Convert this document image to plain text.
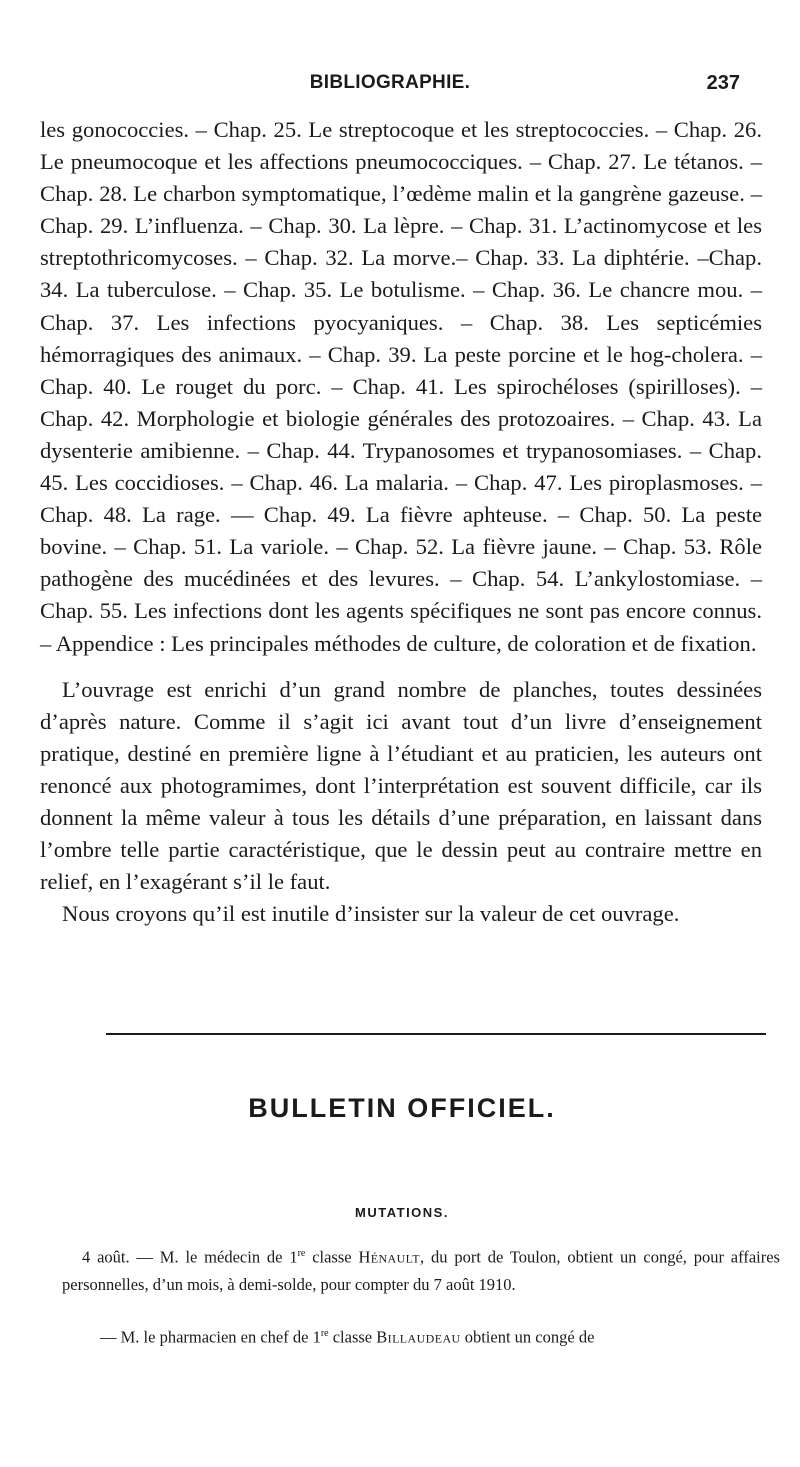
BIBLIOGRAPHIE.	237

les gonococcies. – Chap. 25. Le streptocoque et les streptococcies. – Chap. 26. Le pneumocoque et les affections pneumococciques. – Chap. 27. Le tétanos. – Chap. 28. Le charbon symptomatique, l’œdème malin et la gangrène gazeuse. – Chap. 29. L’influenza. – Chap. 30. La lèpre. – Chap. 31. L’actinomycose et les streptothricomycoses. – Chap. 32. La morve.– Chap. 33. La diphtérie. –Chap. 34. La tuberculose. – Chap. 35. Le botulisme. – Chap. 36. Le chancre mou. – Chap. 37. Les infections pyocyaniques. – Chap. 38. Les septicémies hémorragiques des animaux. – Chap. 39. La peste porcine et le hog-cholera. – Chap. 40. Le rouget du porc. – Chap. 41. Les spirochéloses (spirilloses). – Chap. 42. Morphologie et biologie générales des protozoaires. – Chap. 43. La dysenterie amibienne. – Chap. 44. Trypanosomes et trypanosomiases. – Chap. 45. Les coccidioses. – Chap. 46. La malaria. – Chap. 47. Les piroplasmoses. – Chap. 48. La rage. — Chap. 49. La fièvre aphteuse. – Chap. 50. La peste bovine. – Chap. 51. La variole. – Chap. 52. La fièvre jaune. – Chap. 53. Rôle pathogène des mucédinées et des levures. – Chap. 54. L’ankylostomiase. – Chap. 55. Les infections dont les agents spécifiques ne sont pas encore connus. – Appendice : Les principales méthodes de culture, de coloration et de fixation.

L’ouvrage est enrichi d’un grand nombre de planches, toutes dessinées d’après nature. Comme il s’agit ici avant tout d’un livre d’enseignement pratique, destiné en première ligne à l’étudiant et au praticien, les auteurs ont renoncé aux photogramimes, dont l’interprétation est souvent difficile, car ils donnent la même valeur à tous les détails d’une préparation, en laissant dans l’ombre telle partie caractéristique, que le dessin peut au contraire mettre en relief, en l’exagérant s’il le faut.

Nous croyons qu’il est inutile d’insister sur la valeur de cet ouvrage.

BULLETIN OFFICIEL.
MUTATIONS.
4 août. — M. le médecin de 1re classe Hénault, du port de Toulon, obtient un congé, pour affaires personnelles, d’un mois, à demi-solde, pour compter du 7 août 1910.
— M. le pharmacien en chef de 1re classe Billaudeau obtient un congé de
